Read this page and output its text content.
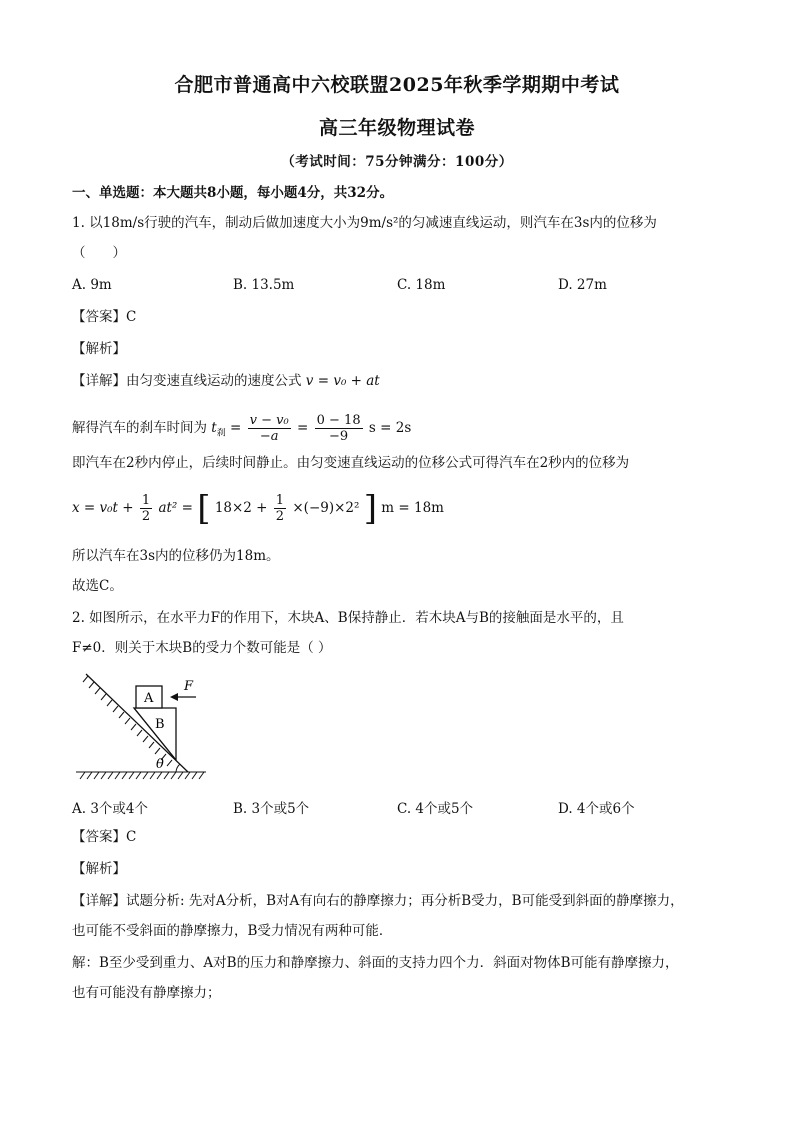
合肥市普通高中六校联盟2025年秋季学期期中考试
高三年级物理试卷
（考试时间：75分钟满分：100分）
一、单选题：本大题共8小题，每小题4分，共32分。
1. 以18m/s行驶的汽车，制动后做加速度大小为9m/s²的匀减速直线运动，则汽车在3s内的位移为
（　　）
A. 9m	B. 13.5m	C. 18m	D. 27m
【答案】C
【解析】
【详解】由匀变速直线运动的速度公式 v = v₀ + at
解得汽车的刹车时间为 $t_刹 = \frac{\text{v − v₀}}{-a} = \frac{0 - 18}{-9}$ s = 2s
即汽车在2秒内停止，后续时间静止。由匀变速直线运动的位移公式可得汽车在2秒内的位移为
$x = v_0t + \frac{1}{2} at^2$ = [ $18\times 2 + \frac{1}{2} \times(-9)\times 2^2$ ] m = 18m
所以汽车在3s内的位移仍为18m。
故选C。
2. 如图所示，在水平力F的作用下，木块A、B保持静止．若木块A与B的接触面是水平的，且
F≠0．则关于木块B的受力个数可能是（ ）
A
B
F
θ
A. 3个或4个	B. 3个或5个	C. 4个或5个	D. 4个或6个
【答案】C
【解析】
【详解】试题分析: 先对A分析，B对A有向右的静摩擦力；再分析B受力，B可能受到斜面的静摩擦力，
也可能不受斜面的静摩擦力，B受力情况有两种可能．
解：B至少受到重力、A对B的压力和静摩擦力、斜面的支持力四个力．斜面对物体B可能有静摩擦力，
也有可能没有静摩擦力；
